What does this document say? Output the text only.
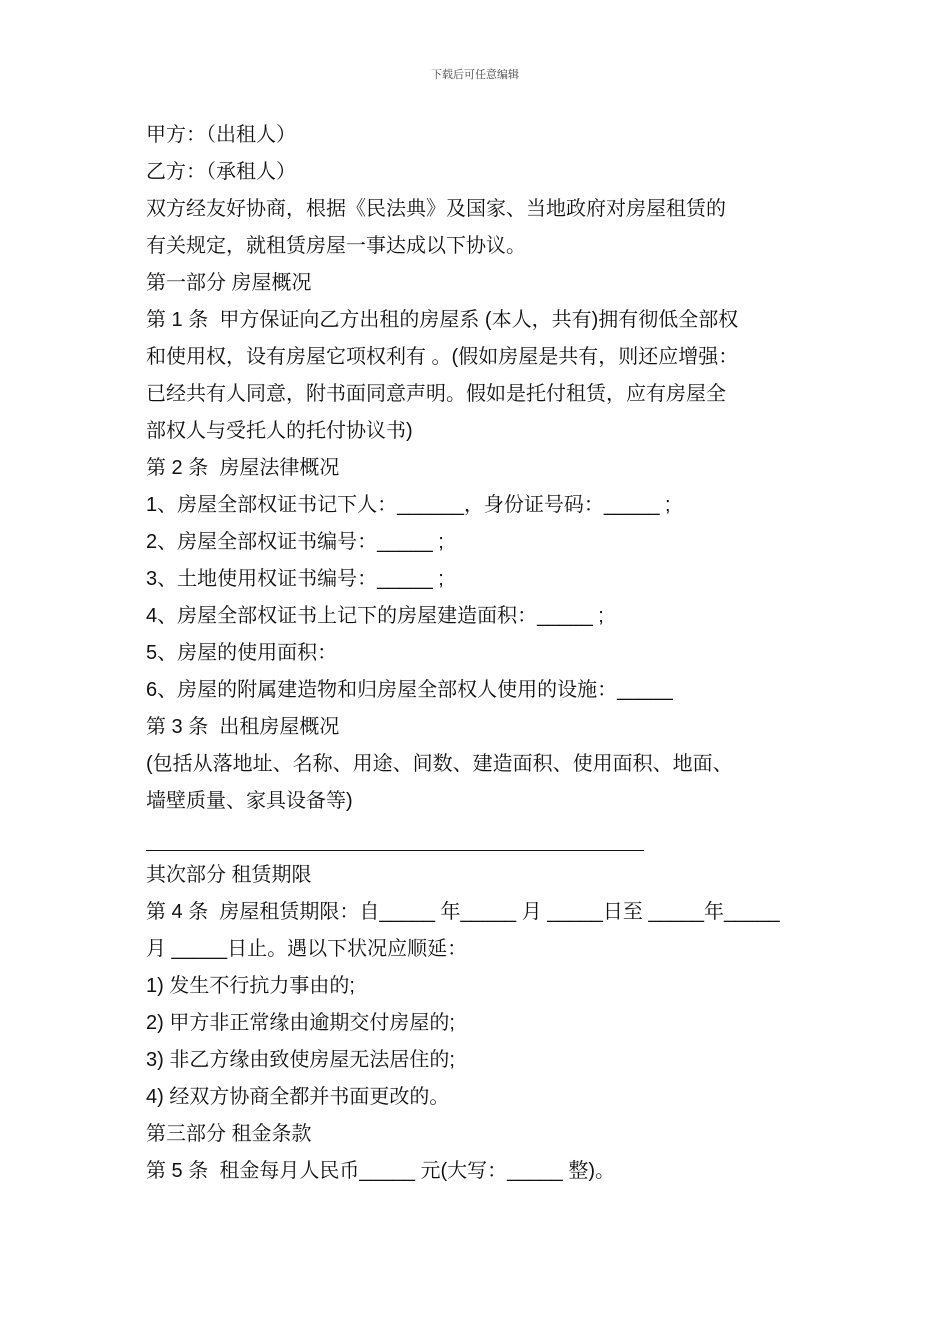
下载后可任意编辑
甲方：（出租人）
乙方：（承租人）
双方经友好协商，根据《民法典》及国家、当地政府对房屋租赁的
有关规定，就租赁房屋一事达成以下协议。
第一部分 房屋概况
第 1 条  甲方保证向乙方出租的房屋系 (本人，共有)拥有彻低全部权
和使用权，设有房屋它项权利有 。(假如房屋是共有，则还应增强：
已经共有人同意，附书面同意声明。假如是托付租赁，应有房屋全
部权人与受托人的托付协议书)
第 2 条  房屋法律概况
1、房屋全部权证书记下人：______，身份证号码：_____ ;
2、房屋全部权证书编号：_____ ;
3、土地使用权证书编号：_____ ;
4、房屋全部权证书上记下的房屋建造面积：_____ ;
5、房屋的使用面积：
6、房屋的附属建造物和归房屋全部权人使用的设施：_____
第 3 条  出租房屋概况
(包括从落地址、名称、用途、间数、建造面积、使用面积、地面、
墙壁质量、家具设备等)
其次部分 租赁期限
第 4 条  房屋租赁期限：自_____ 年_____ 月 _____日至 _____年_____
月 _____日止。遇以下状况应顺延：
1) 发生不行抗力事由的;
2) 甲方非正常缘由逾期交付房屋的;
3) 非乙方缘由致使房屋无法居住的;
4) 经双方协商全都并书面更改的。
第三部分 租金条款
第 5 条  租金每月人民币_____ 元(大写：_____ 整)。
